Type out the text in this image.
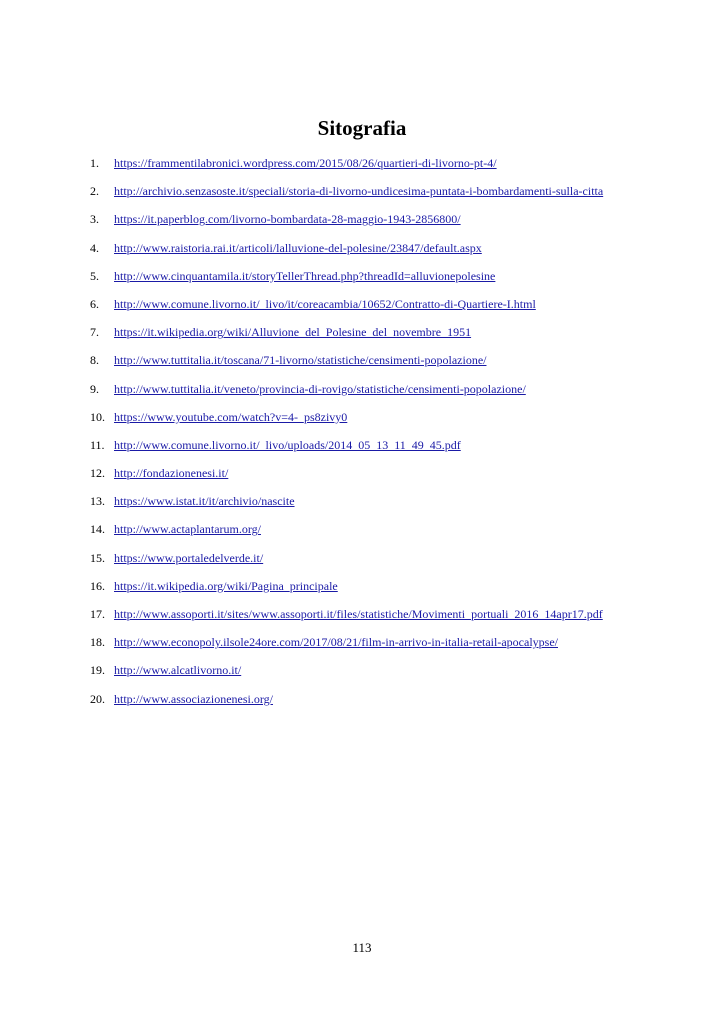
Sitografia
1.	https://frammentilabronici.wordpress.com/2015/08/26/quartieri-di-livorno-pt-4/
2.	http://archivio.senzasoste.it/speciali/storia-di-livorno-undicesima-puntata-i-bombardamenti-sulla-citta
3.	https://it.paperblog.com/livorno-bombardata-28-maggio-1943-2856800/
4.	http://www.raistoria.rai.it/articoli/lalluvione-del-polesine/23847/default.aspx
5.	http://www.cinquantamila.it/storyTellerThread.php?threadId=alluvionepolesine
6.	http://www.comune.livorno.it/_livo/it/coreacambia/10652/Contratto-di-Quartiere-I.html
7.	https://it.wikipedia.org/wiki/Alluvione_del_Polesine_del_novembre_1951
8.	http://www.tuttitalia.it/toscana/71-livorno/statistiche/censimenti-popolazione/
9.	http://www.tuttitalia.it/veneto/provincia-di-rovigo/statistiche/censimenti-popolazione/
10. https://www.youtube.com/watch?v=4-_ps8zivy0
11. http://www.comune.livorno.it/_livo/uploads/2014_05_13_11_49_45.pdf
12. http://fondazionenesi.it/
13. https://www.istat.it/it/archivio/nascite
14. http://www.actaplantarum.org/
15. https://www.portaledelverde.it/
16. https://it.wikipedia.org/wiki/Pagina_principale
17. http://www.assoporti.it/sites/www.assoporti.it/files/statistiche/Movimenti_portuali_2016_14apr17.pdf
18. http://www.econopoly.ilsole24ore.com/2017/08/21/film-in-arrivo-in-italia-retail-apocalypse/
19. http://www.alcatlivorno.it/
20. http://www.associazionenesi.org/
113
